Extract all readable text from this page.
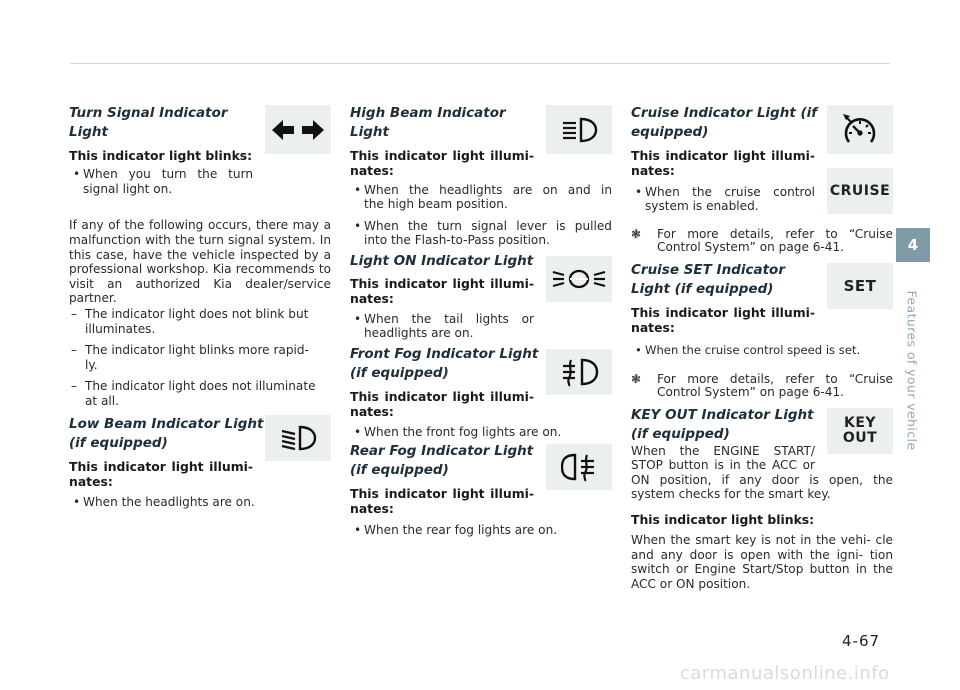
Turn Signal Indicator
Light
This indicator light blinks:
• When you turn the turn
signal light on.
If any of the following occurs, there may a malfunction with the turn signal system. In this case, have the vehicle inspected by a professional workshop. Kia recommends to visit an authorized Kia dealer/service partner.
– The indicator light does not blink but
illuminates.
– The indicator light blinks more rapid-
ly.
– The indicator light does not illuminate
at all.
Low Beam Indicator Light
(if equipped)
This indicator light illumi-
nates:
• When the headlights are on.
High Beam Indicator
Light
This indicator light illumi-
nates:
• When the headlights are on and in
the high beam position.
• When the turn signal lever is pulled
into the Flash-to-Pass position.
Light ON Indicator Light
This indicator light illumi-
nates:
• When the tail lights or
headlights are on.
Front Fog Indicator Light
(if equipped)
This indicator light illumi-
nates:
• When the front fog lights are on.
Rear Fog Indicator Light
(if equipped)
This indicator light illumi-
nates:
• When the rear fog lights are on.
CRUISE
Cruise Indicator Light (if
equipped)
This indicator light illumi-
nates:
• When the cruise control
system is enabled.
❃ For more details, refer to “Cruise
Control System” on page 6-41.
SET
Cruise SET Indicator
Light (if equipped)
This indicator light illumi-
nates:
• When the cruise control speed is set.
❃ For more details, refer to “Cruise
Control System” on page 6-41.
KEY
OUT
KEY OUT Indicator Light
(if equipped)
When the ENGINE START/
STOP button is in the ACC or
ON position, if any door is open, the system checks for the smart key.
This indicator light blinks:
When the smart key is not in the vehi- cle and any door is open with the igni- tion switch or Engine Start/Stop button in the ACC or ON position.
4
Features of your vehicle
4-67
carmanualsonline.info
